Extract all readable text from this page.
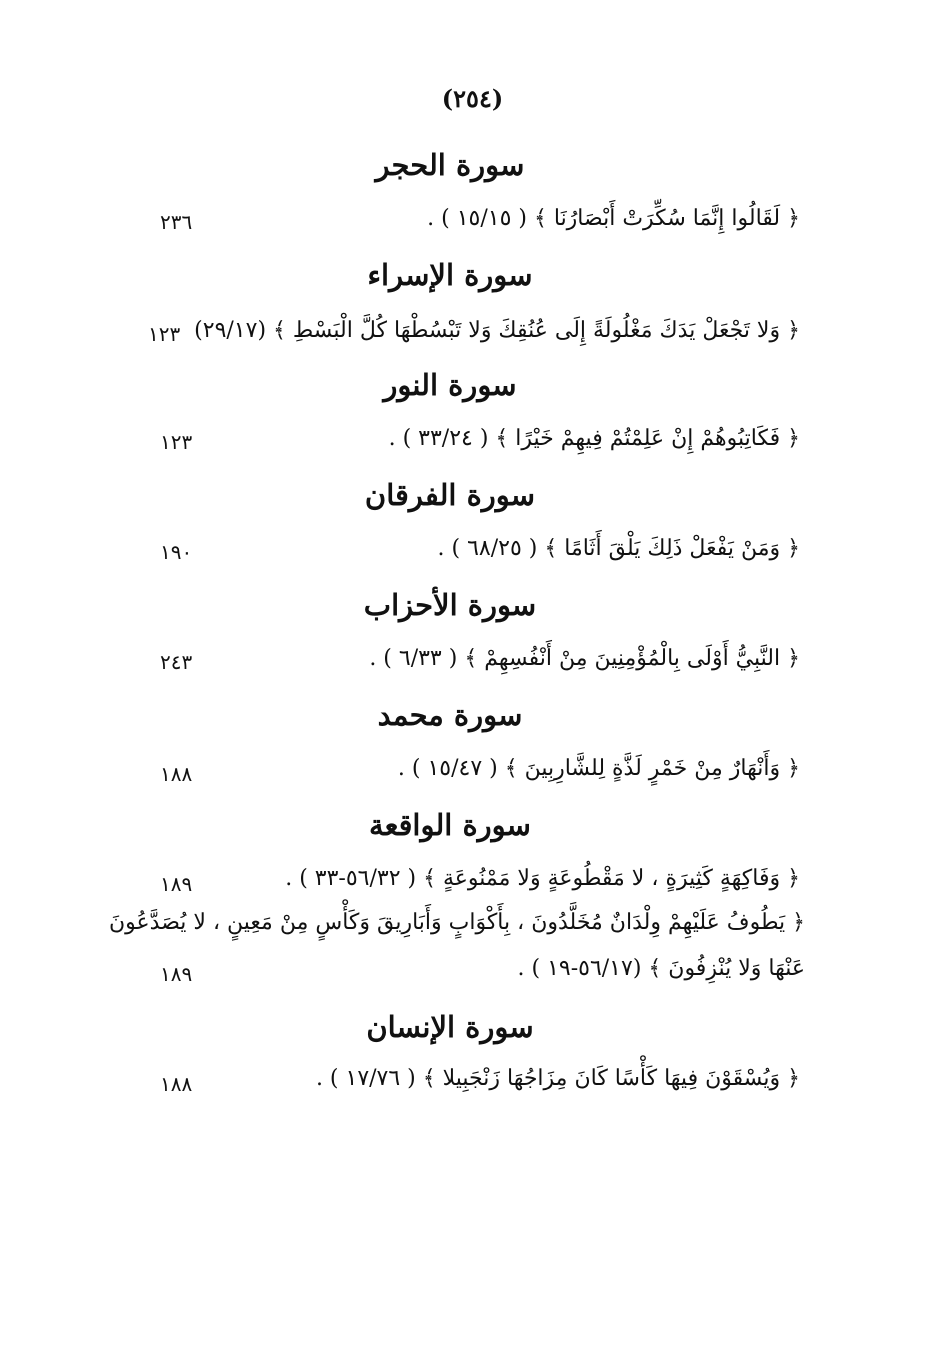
(٢٥٤)
سورة الحجر
﴿ لَقَالُوا إِنَّمَا سُكِّرَتْ أَبْصَارُنَا ﴾ ( ١٥/١٥ ) .
٢٣٦
سورة الإسراء
﴿ وَلا تَجْعَلْ يَدَكَ مَغْلُولَةً إِلَى عُنُقِكَ وَلا تَبْسُطْهَا كُلَّ الْبَسْطِ ﴾ (٢٩/١٧)
١٢٣
سورة النور
﴿ فَكَاتِبُوهُمْ إِنْ عَلِمْتُمْ فِيهِمْ خَيْرًا ﴾ ( ٣٣/٢٤ ) .
١٢٣
سورة الفرقان
﴿ وَمَنْ يَفْعَلْ ذَلِكَ يَلْقَ أَثَامًا ﴾ ( ٦٨/٢٥ ) .
١٩٠
سورة الأحزاب
﴿ النَّبِيُّ أَوْلَى بِالْمُؤْمِنِينَ مِنْ أَنْفُسِهِمْ ﴾ ( ٦/٣٣ ) .
٢٤٣
سورة محمد
﴿ وَأَنْهَارٌ مِنْ خَمْرٍ لَذَّةٍ لِلشَّارِبِينَ ﴾ ( ١٥/٤٧ ) .
١٨٨
سورة الواقعة
﴿ وَفَاكِهَةٍ كَثِيرَةٍ ، لا مَقْطُوعَةٍ وَلا مَمْنُوعَةٍ ﴾ ( ٥٦/٣٢-٣٣ ) .
١٨٩
﴿ يَطُوفُ عَلَيْهِمْ وِلْدَانٌ مُخَلَّدُونَ ، بِأَكْوَابٍ وَأَبَارِيقَ وَكَأْسٍ مِنْ مَعِينٍ ، لا يُصَدَّعُونَ
عَنْهَا وَلا يُنْزِفُونَ ﴾ (٥٦/١٧-١٩ ) .
١٨٩
سورة الإنسان
﴿ وَيُسْقَوْنَ فِيهَا كَأْسًا كَانَ مِزَاجُهَا زَنْجَبِيلا ﴾ ( ١٧/٧٦ ) .
١٨٨
